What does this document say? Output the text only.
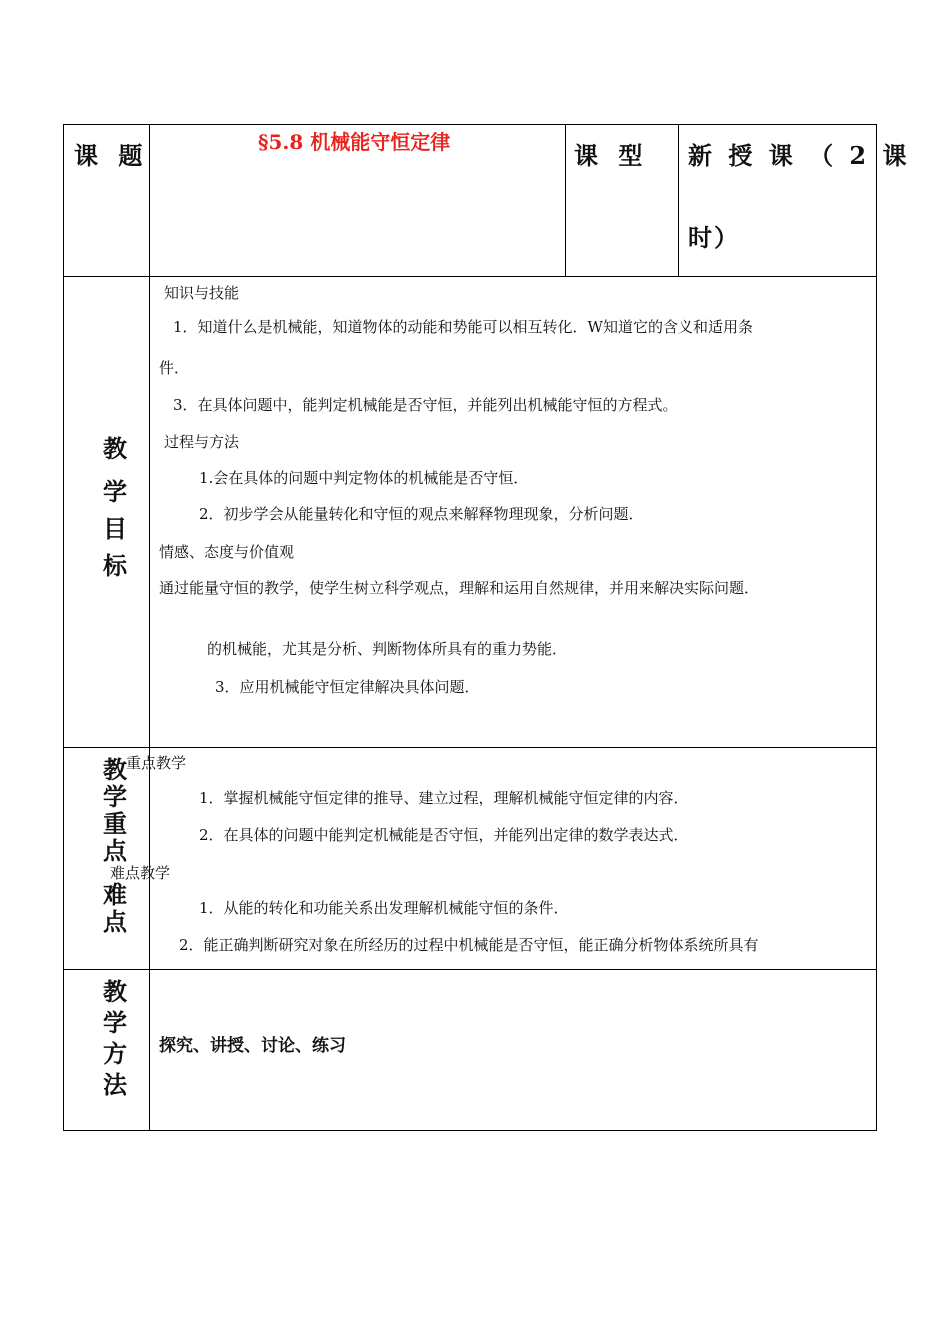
课 题	§5.8 机械能守恒定律	课 型 新 授 课 （ 2 课
时）
教
学
目
标
知识与技能
1．知道什么是机械能，知道物体的动能和势能可以相互转化．W知道它的含义和适用条
件．
3．在具体问题中，能判定机械能是否守恒，并能列出机械能守恒的方程式。
过程与方法
1.会在具体的问题中判定物体的机械能是否守恒．
2．初步学会从能量转化和守恒的观点来解释物理现象，分析问题．
情感、态度与价值观
通过能量守恒的教学，使学生树立科学观点，理解和运用自然规律，并用来解决实际问题．
的机械能，尤其是分析、判断物体所具有的重力势能．
3．应用机械能守恒定律解决具体问题．
教
学
重
点
难
点
重点教学
1．掌握机械能守恒定律的推导、建立过程，理解机械能守恒定律的内容．
2．在具体的问题中能判定机械能是否守恒，并能列出定律的数学表达式．
难点教学
1．从能的转化和功能关系出发理解机械能守恒的条件．
2．能正确判断研究对象在所经历的过程中机械能是否守恒，能正确分析物体系统所具有
教
学
方
法
探究、讲授、讨论、练习
